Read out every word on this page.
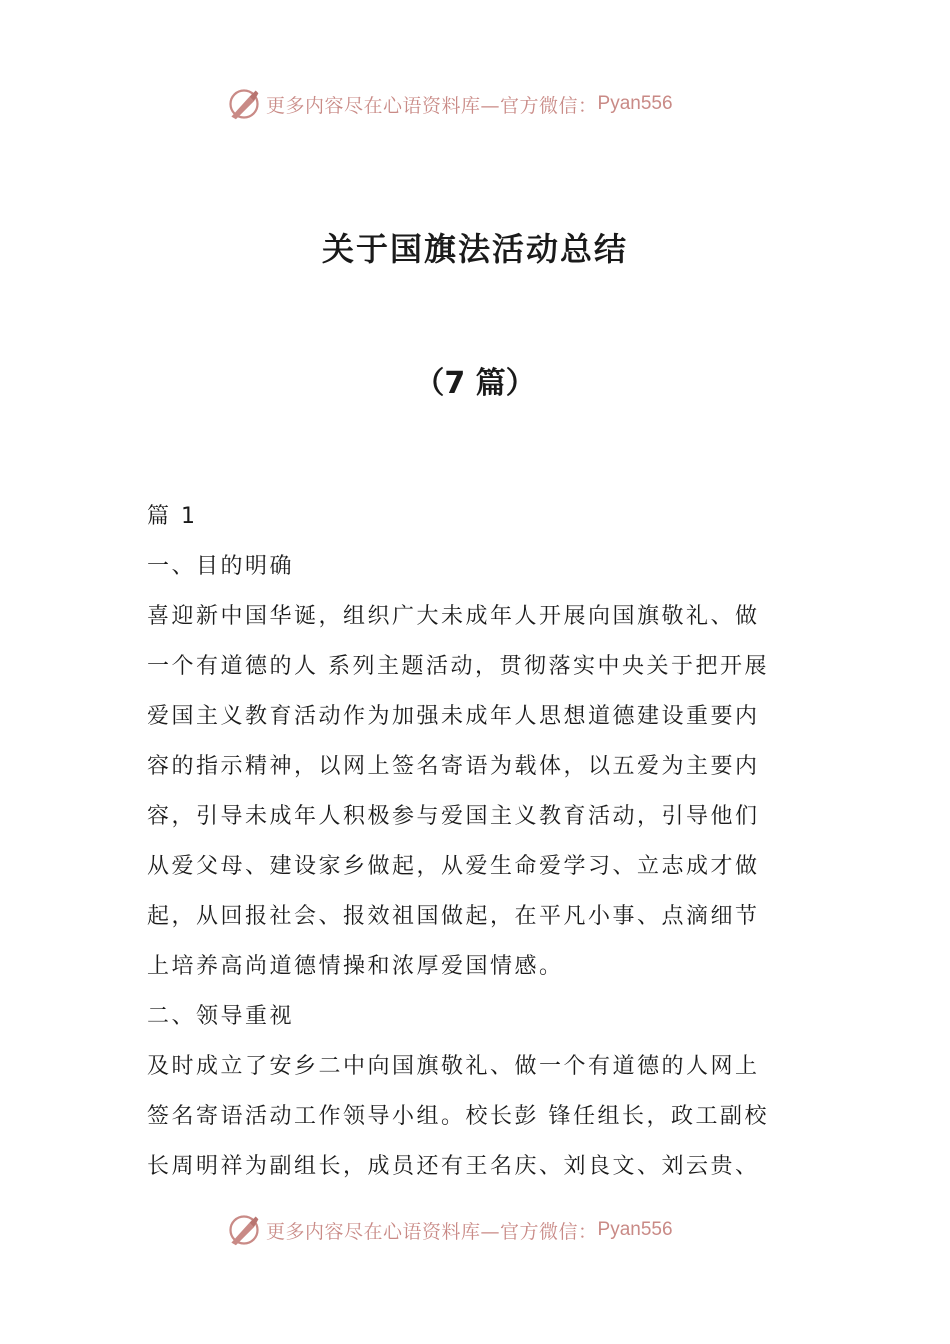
更多内容尽在心语资料库—官方微信： Pyan556
关于国旗法活动总结
（7 篇）
篇 1
一、目的明确
喜迎新中国华诞，组织广大未成年人开展向国旗敬礼、做
一个有道德的人 系列主题活动，贯彻落实中央关于把开展
爱国主义教育活动作为加强未成年人思想道德建设重要内
容的指示精神，以网上签名寄语为载体，以五爱为主要内
容，引导未成年人积极参与爱国主义教育活动，引导他们
从爱父母、建设家乡做起，从爱生命爱学习、立志成才做
起，从回报社会、报效祖国做起，在平凡小事、点滴细节
上培养高尚道德情操和浓厚爱国情感。
二、领导重视
及时成立了安乡二中向国旗敬礼、做一个有道德的人网上
签名寄语活动工作领导小组。校长彭 锋任组长，政工副校
长周明祥为副组长，成员还有王名庆、刘良文、刘云贵、
更多内容尽在心语资料库—官方微信： Pyan556
